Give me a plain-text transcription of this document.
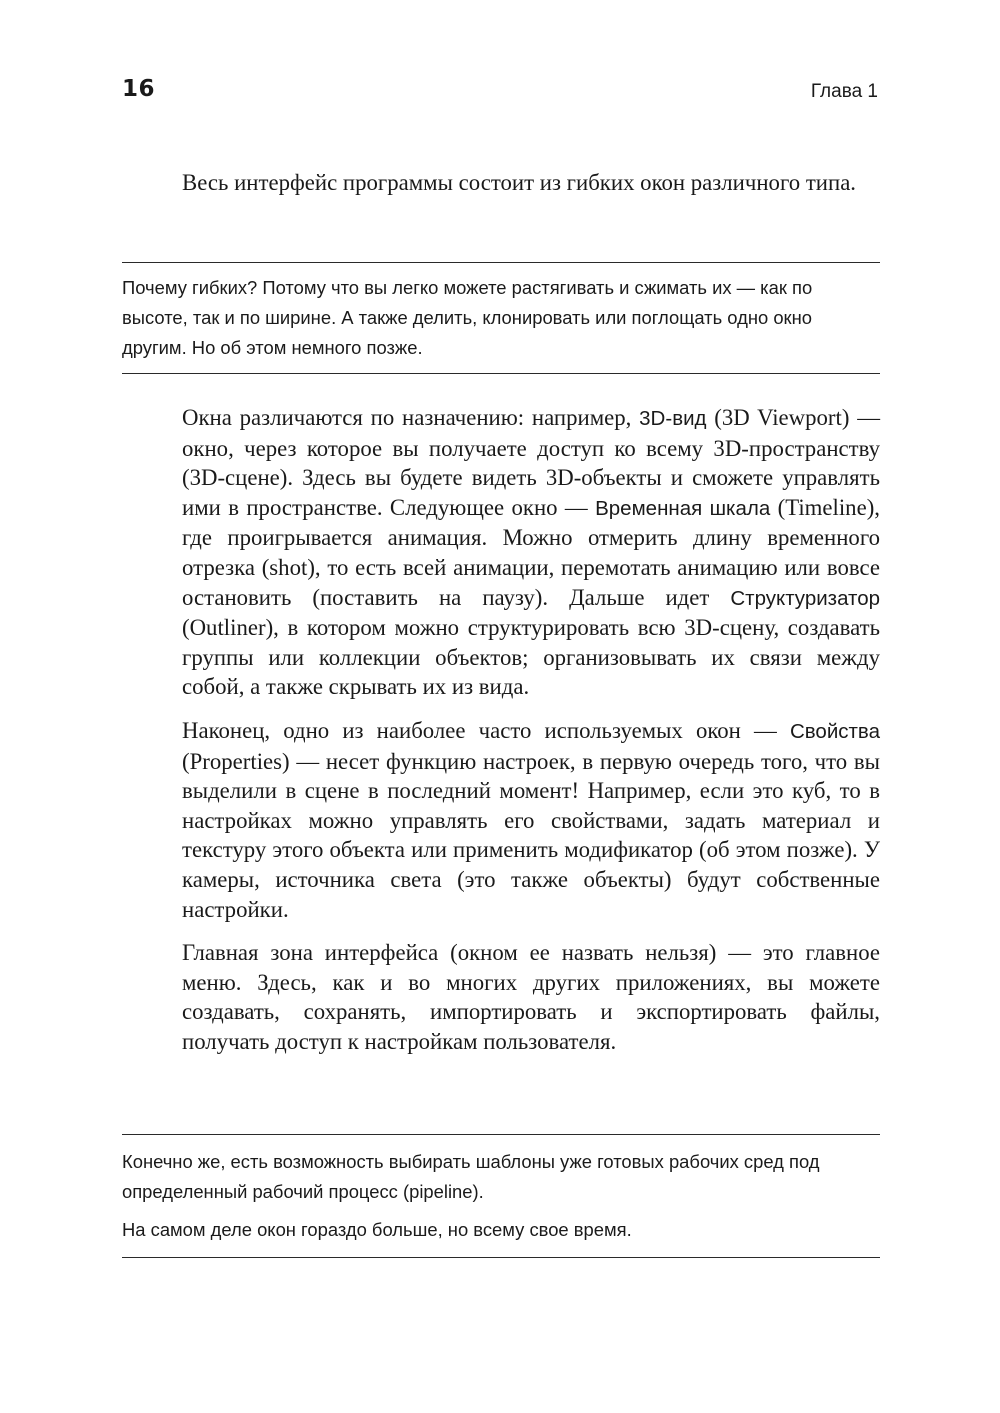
16	Глава 1

Весь интерфейс программы состоит из гибких окон различного типа.

Почему гибких? Потому что вы легко можете растягивать и сжимать их — как по высоте, так и по ширине. А также делить, клонировать или поглощать одно окно другим. Но об этом немного позже.

Окна различаются по назначению: например, 3D-вид (3D Viewport) — окно, через которое вы получаете доступ ко всему 3D-пространству (3D-сцене). Здесь вы будете видеть 3D-объекты и сможете управлять ими в пространстве. Следующее окно — Временная шкала (Timeline), где проигрывается анимация. Можно отмерить длину временного отрезка (shot), то есть всей анимации, перемотать анимацию или вовсе остановить (поставить на паузу). Дальше идет Структуризатор (Outliner), в котором можно структурировать всю 3D-сцену, создавать группы или коллекции объектов; организовывать их связи между собой, а также скрывать их из вида.

Наконец, одно из наиболее часто используемых окон — Свойства (Properties) — несет функцию настроек, в первую очередь того, что вы выделили в сцене в последний момент! Например, если это куб, то в настройках можно управлять его свойствами, задать материал и текстуру этого объекта или применить модификатор (об этом позже). У камеры, источника света (это также объекты) будут собственные настройки.

Главная зона интерфейса (окном ее назвать нельзя) — это главное меню. Здесь, как и во многих других приложениях, вы можете создавать, сохранять, импортировать и экспортировать файлы, получать доступ к настройкам пользователя.

Конечно же, есть возможность выбирать шаблоны уже готовых рабочих сред под определенный рабочий процесс (pipeline).

На самом деле окон гораздо больше, но всему свое время.
